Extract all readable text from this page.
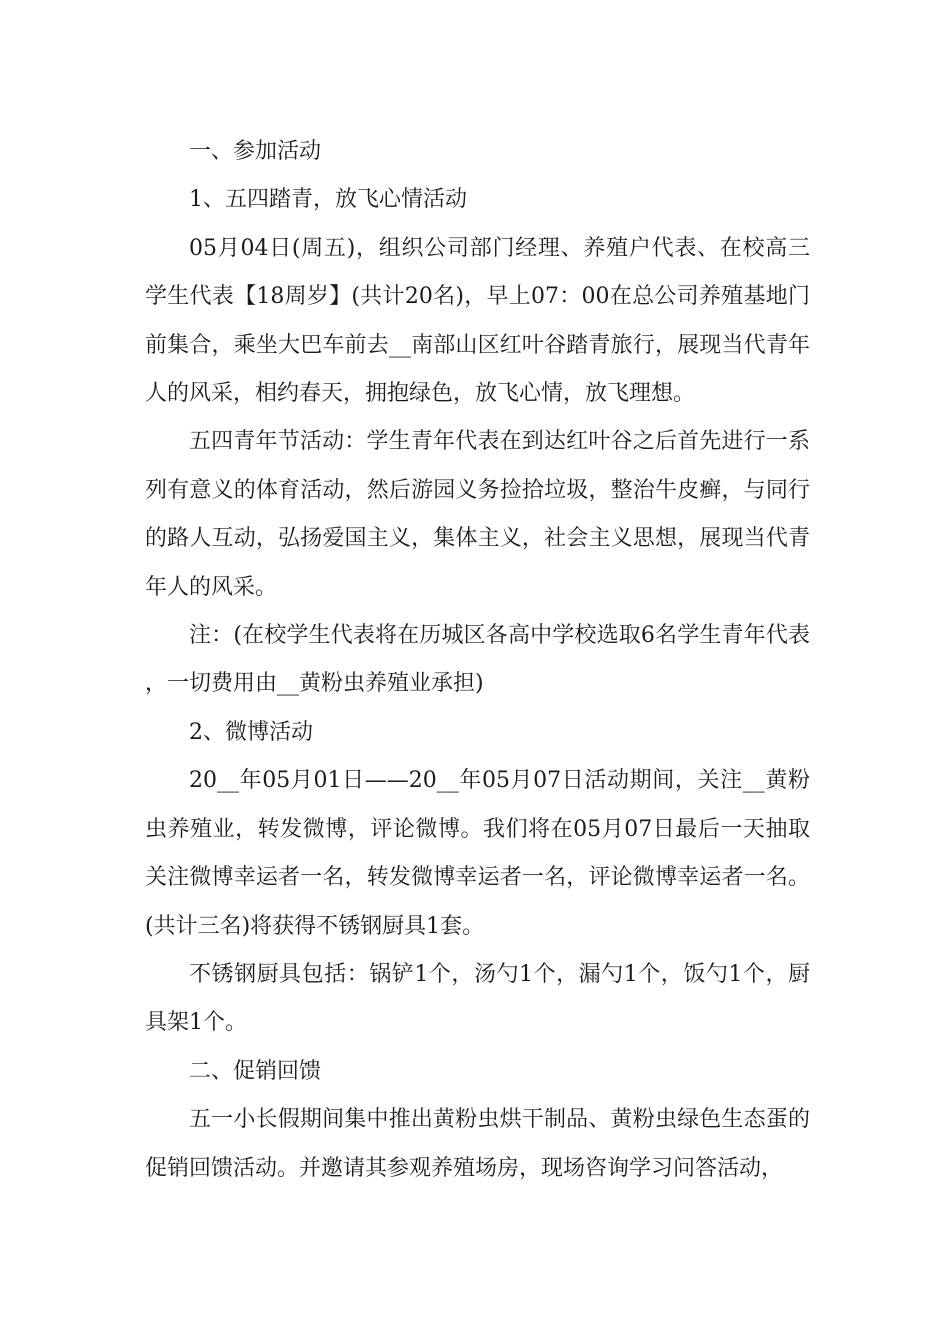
一、参加活动

1、五四踏青，放飞心情活动

05月04日(周五)，组织公司部门经理、养殖户代表、在校高三学生代表【18周岁】(共计20名)，早上07：00在总公司养殖基地门前集合，乘坐大巴车前去__南部山区红叶谷踏青旅行，展现当代青年人的风采，相约春天，拥抱绿色，放飞心情，放飞理想。

五四青年节活动：学生青年代表在到达红叶谷之后首先进行一系列有意义的体育活动，然后游园义务捡拾垃圾，整治牛皮癣，与同行的路人互动，弘扬爱国主义，集体主义，社会主义思想，展现当代青年人的风采。

注：(在校学生代表将在历城区各高中学校选取6名学生青年代表，一切费用由__黄粉虫养殖业承担)

2、微博活动

20__年05月01日——20__年05月07日活动期间，关注__黄粉虫养殖业，转发微博，评论微博。我们将在05月07日最后一天抽取关注微博幸运者一名，转发微博幸运者一名，评论微博幸运者一名。(共计三名)将获得不锈钢厨具1套。

不锈钢厨具包括：锅铲1个，汤勺1个，漏勺1个，饭勺1个，厨具架1个。

二、促销回馈

五一小长假期间集中推出黄粉虫烘干制品、黄粉虫绿色生态蛋的促销回馈活动。并邀请其参观养殖场房，现场咨询学习问答活动，
